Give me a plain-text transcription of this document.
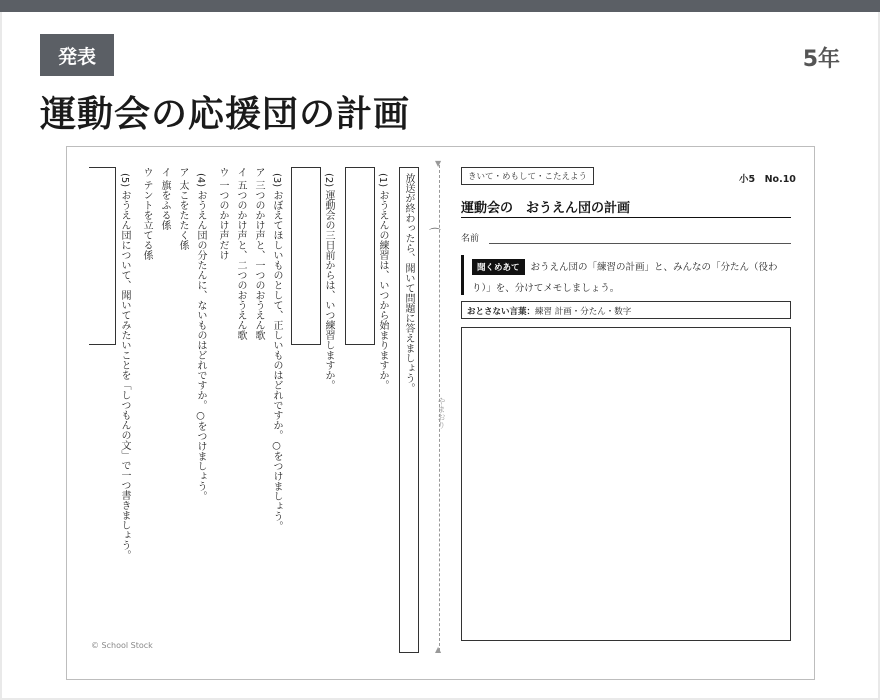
発表	5年
運動会の応援団の計画
放送が終わったら、聞いて問題に答えましょう。
(1) おうえんの練習は、いつから始まりますか。
(2) 運動会の三日前からは、いつ練習しますか。
(3) おぼえてほしいものとして、正しいものはどれですか。○をつけましょう。
ア 三つのかけ声と、一つのおうえん歌
イ 五つのかけ声と、二つのおうえん歌
ウ 一つのかけ声だけ
(4) おうえん団の分たんに、ないものはどれですか。○をつけましょう。
ア 太こをたたく係
イ 旗をふる係
ウ テントを立てる係
(5) おうえん団について、聞いてみたいことを「しつもんの文」で一つ書きましょう。
© School Stock
▼
⌒
やまおり
▲
きいて・めもして・こたえよう	小5　No.10
運動会の　おうえん団の計画
名前
聞くめあて おうえん団の「練習の計画」と、みんなの「分たん（役わり）」を、分けてメモしましょう。
おとさない言葉：練習 計画・分たん・数字
